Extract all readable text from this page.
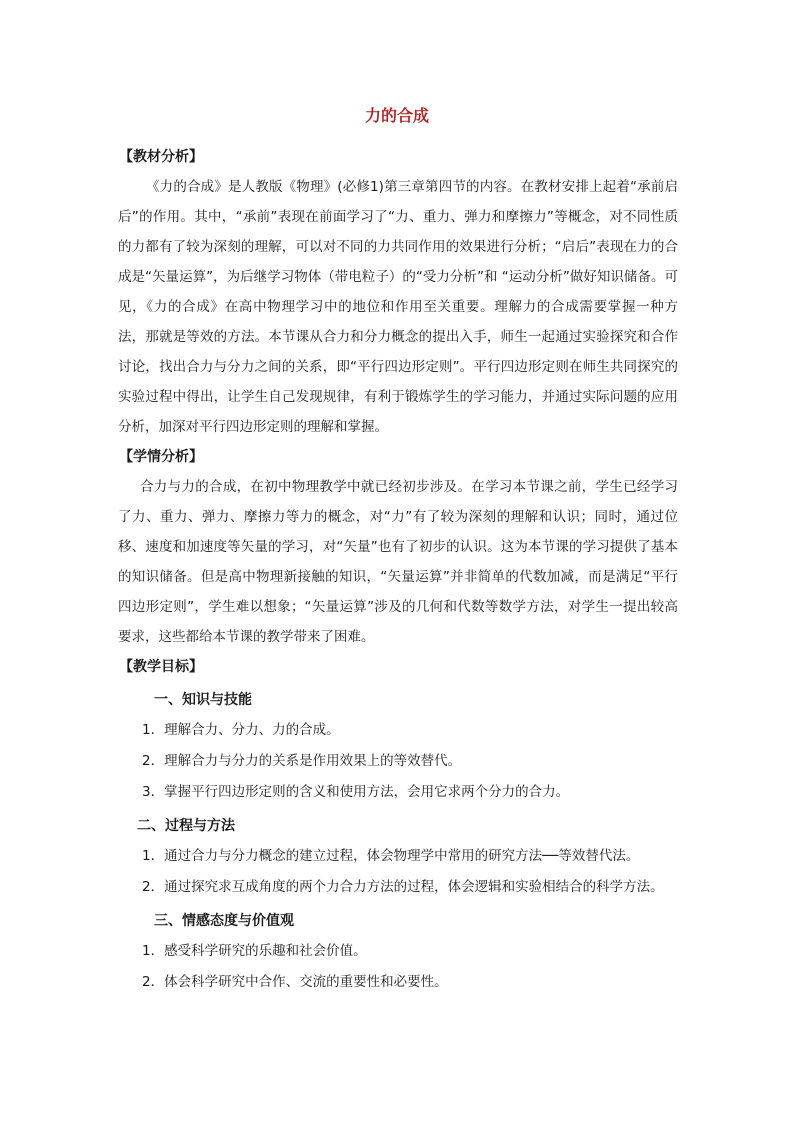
力的合成
【教材分析】

《力的合成》是人教版《物理》(必修1)第三章第四节的内容。在教材安排上起着“承前启后”的作用。其中，“承前”表现在前面学习了“力、重力、弹力和摩擦力”等概念，对不同性质的力都有了较为深刻的理解，可以对不同的力共同作用的效果进行分析；“启后”表现在力的合成是“矢量运算”，为后继学习物体（带电粒子）的“受力分析”和 “运动分析”做好知识储备。可见，《力的合成》在高中物理学习中的地位和作用至关重要。理解力的合成需要掌握一种方法，那就是等效的方法。本节课从合力和分力概念的提出入手，师生一起通过实验探究和合作讨论，找出合力与分力之间的关系，即“平行四边形定则”。平行四边形定则在师生共同探究的实验过程中得出，让学生自己发现规律，有利于锻炼学生的学习能力，并通过实际问题的应用分析，加深对平行四边形定则的理解和掌握。

【学情分析】

合力与力的合成，在初中物理教学中就已经初步涉及。在学习本节课之前，学生已经学习了力、重力、弹力、摩擦力等力的概念，对“力”有了较为深刻的理解和认识；同时，通过位移、速度和加速度等矢量的学习，对“矢量”也有了初步的认识。这为本节课的学习提供了基本的知识储备。但是高中物理新接触的知识，“矢量运算”并非简单的代数加减，而是满足“平行四边形定则”，学生难以想象；“矢量运算”涉及的几何和代数等数学方法，对学生一提出较高要求，这些都给本节课的教学带来了困难。

【教学目标】
一、知识与技能
1．理解合力、分力、力的合成。
2．理解合力与分力的关系是作用效果上的等效替代。
3．掌握平行四边形定则的含义和使用方法，会用它求两个分力的合力。
二、过程与方法
1．通过合力与分力概念的建立过程，体会物理学中常用的研究方法──等效替代法。
2．通过探究求互成角度的两个力合力方法的过程，体会逻辑和实验相结合的科学方法。
三、情感态度与价值观
1．感受科学研究的乐趣和社会价值。
2．体会科学研究中合作、交流的重要性和必要性。
